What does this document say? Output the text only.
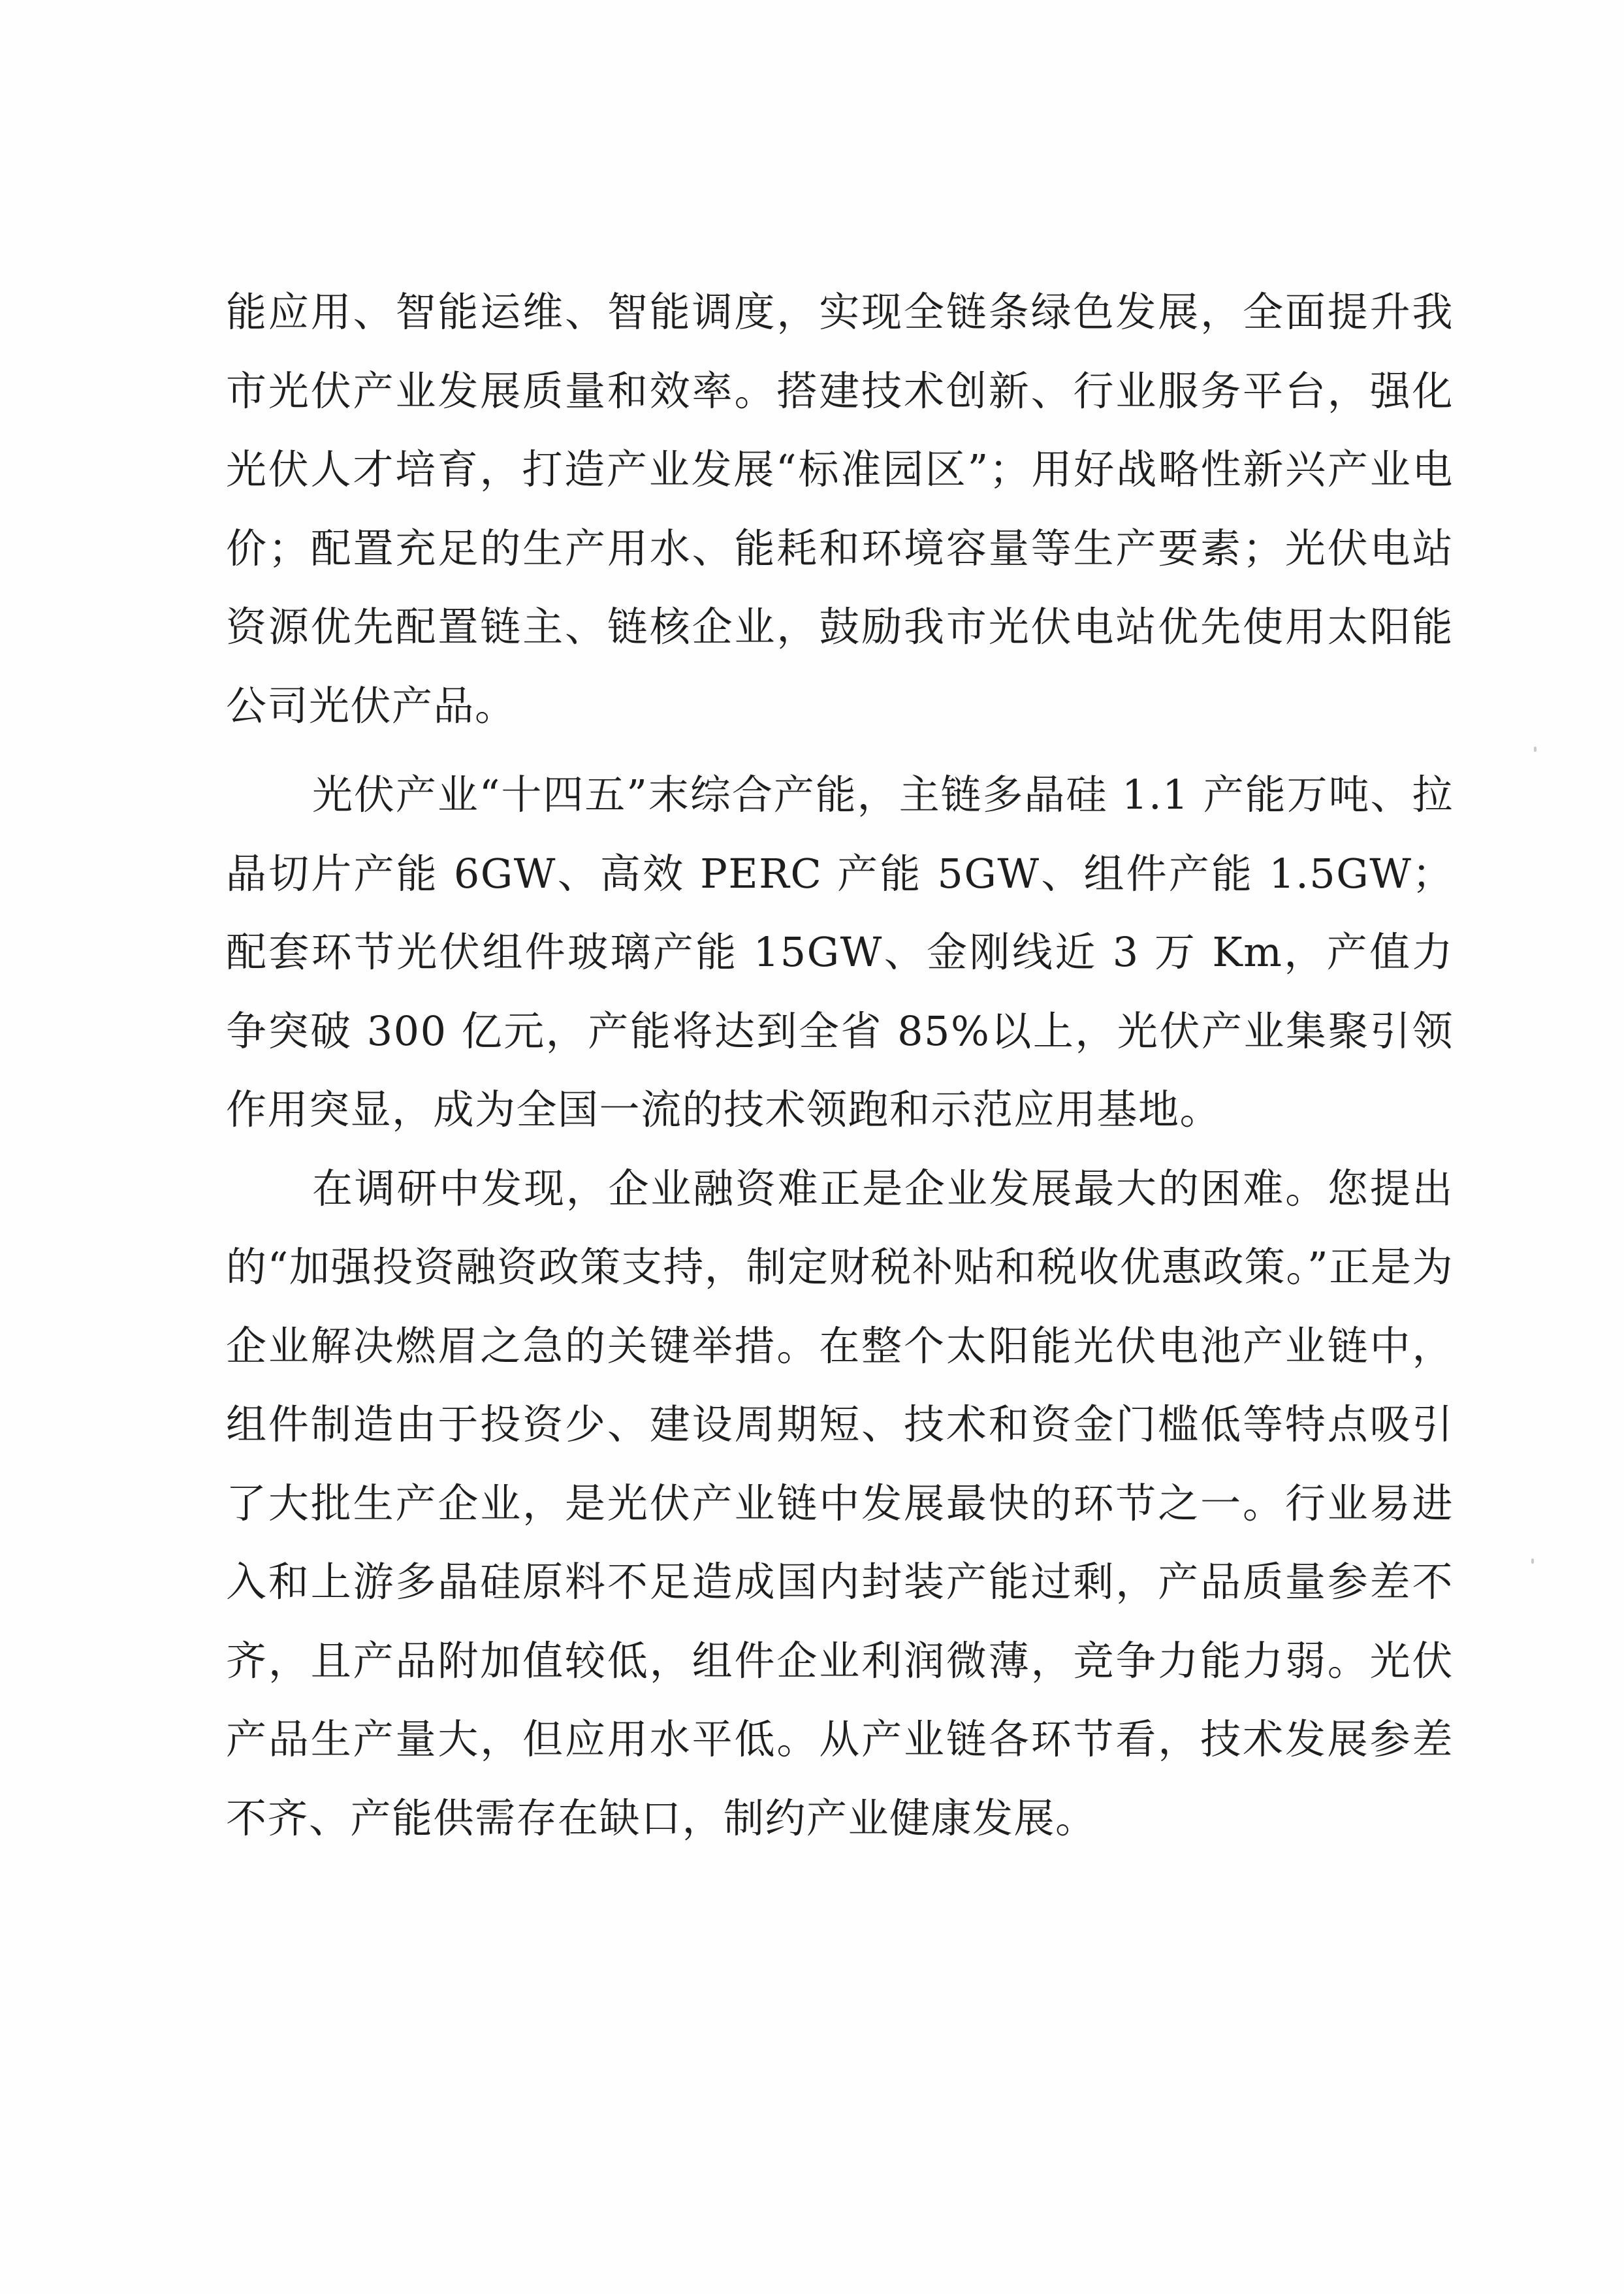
能应用、智能运维、智能调度，实现全链条绿色发展，全面提升我市光伏产业发展质量和效率。搭建技术创新、行业服务平台，强化光伏人才培育，打造产业发展“标准园区”；用好战略性新兴产业电价；配置充足的生产用水、能耗和环境容量等生产要素；光伏电站资源优先配置链主、链核企业，鼓励我市光伏电站优先使用太阳能公司光伏产品。

光伏产业“十四五”末综合产能，主链多晶硅 1.1 产能万吨、拉晶切片产能 6GW、高效 PERC 产能 5GW、组件产能 1.5GW；配套环节光伏组件玻璃产能 15GW、金刚线近 3 万 Km，产值力争突破 300 亿元，产能将达到全省 85%以上，光伏产业集聚引领作用突显，成为全国一流的技术领跑和示范应用基地。

在调研中发现，企业融资难正是企业发展最大的困难。您提出的“加强投资融资政策支持，制定财税补贴和税收优惠政策。”正是为企业解决燃眉之急的关键举措。在整个太阳能光伏电池产业链中，组件制造由于投资少、建设周期短、技术和资金门槛低等特点吸引了大批生产企业，是光伏产业链中发展最快的环节之一。行业易进入和上游多晶硅原料不足造成国内封装产能过剩，产品质量参差不齐，且产品附加值较低，组件企业利润微薄，竞争力能力弱。光伏产品生产量大，但应用水平低。从产业链各环节看，技术发展参差不齐、产能供需存在缺口，制约产业健康发展。
